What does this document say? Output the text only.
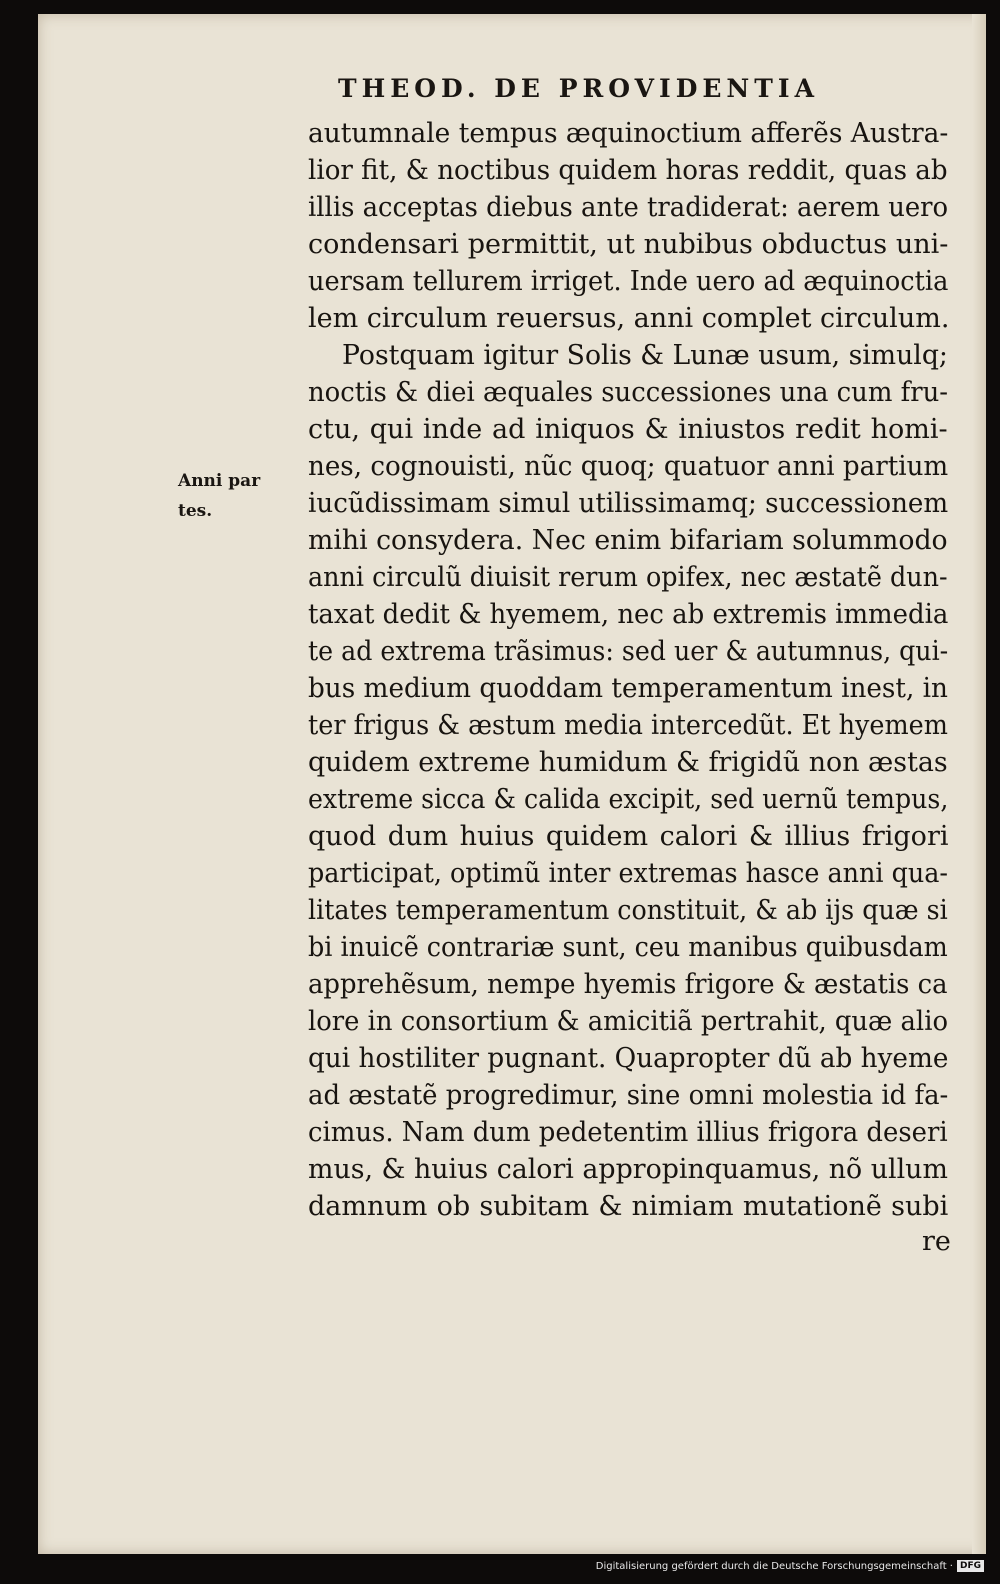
THEOD. DE PROVIDENTIA
Anni par
tes.
autumnale tempus æquinoctium afferẽs Austra-
lior fit, & noctibus quidem horas reddit, quas ab
illis acceptas diebus ante tradiderat: aerem uero
condensari permittit, ut nubibus obductus uni-
uersam tellurem irriget. Inde uero ad æquinoctia
lem circulum reuersus, anni complet circulum.
Postquam igitur Solis & Lunæ usum, simulq;
noctis & diei æquales successiones una cum fru-
ctu, qui inde ad iniquos & iniustos redit homi-
nes, cognouisti, nũc quoq; quatuor anni partium
iucũdissimam simul utilissimamq; successionem
mihi consydera. Nec enim bifariam solummodo
anni circulũ diuisit rerum opifex, nec æstatẽ dun-
taxat dedit & hyemem, nec ab extremis immedia
te ad extrema trãsimus: sed uer & autumnus, qui-
bus medium quoddam temperamentum inest, in
ter frigus & æstum media intercedũt. Et hyemem
quidem extreme humidum & frigidũ non æstas
extreme sicca & calida excipit, sed uernũ tempus,
quod dum huius quidem calori & illius frigori
participat, optimũ inter extremas hasce anni qua-
litates temperamentum constituit, & ab ijs quæ si
bi inuicẽ contrariæ sunt, ceu manibus quibusdam
apprehẽsum, nempe hyemis frigore & æstatis ca
lore in consortium & amicitiã pertrahit, quæ alio
qui hostiliter pugnant. Quapropter dũ ab hyeme
ad æstatẽ progredimur, sine omni molestia id fa-
cimus. Nam dum pedetentim illius frigora deseri
mus, & huius calori appropinquamus, nõ ullum
damnum ob subitam & nimiam mutationẽ subi
re
Digitalisierung gefördert durch die Deutsche Forschungsgemeinschaft · DFG
